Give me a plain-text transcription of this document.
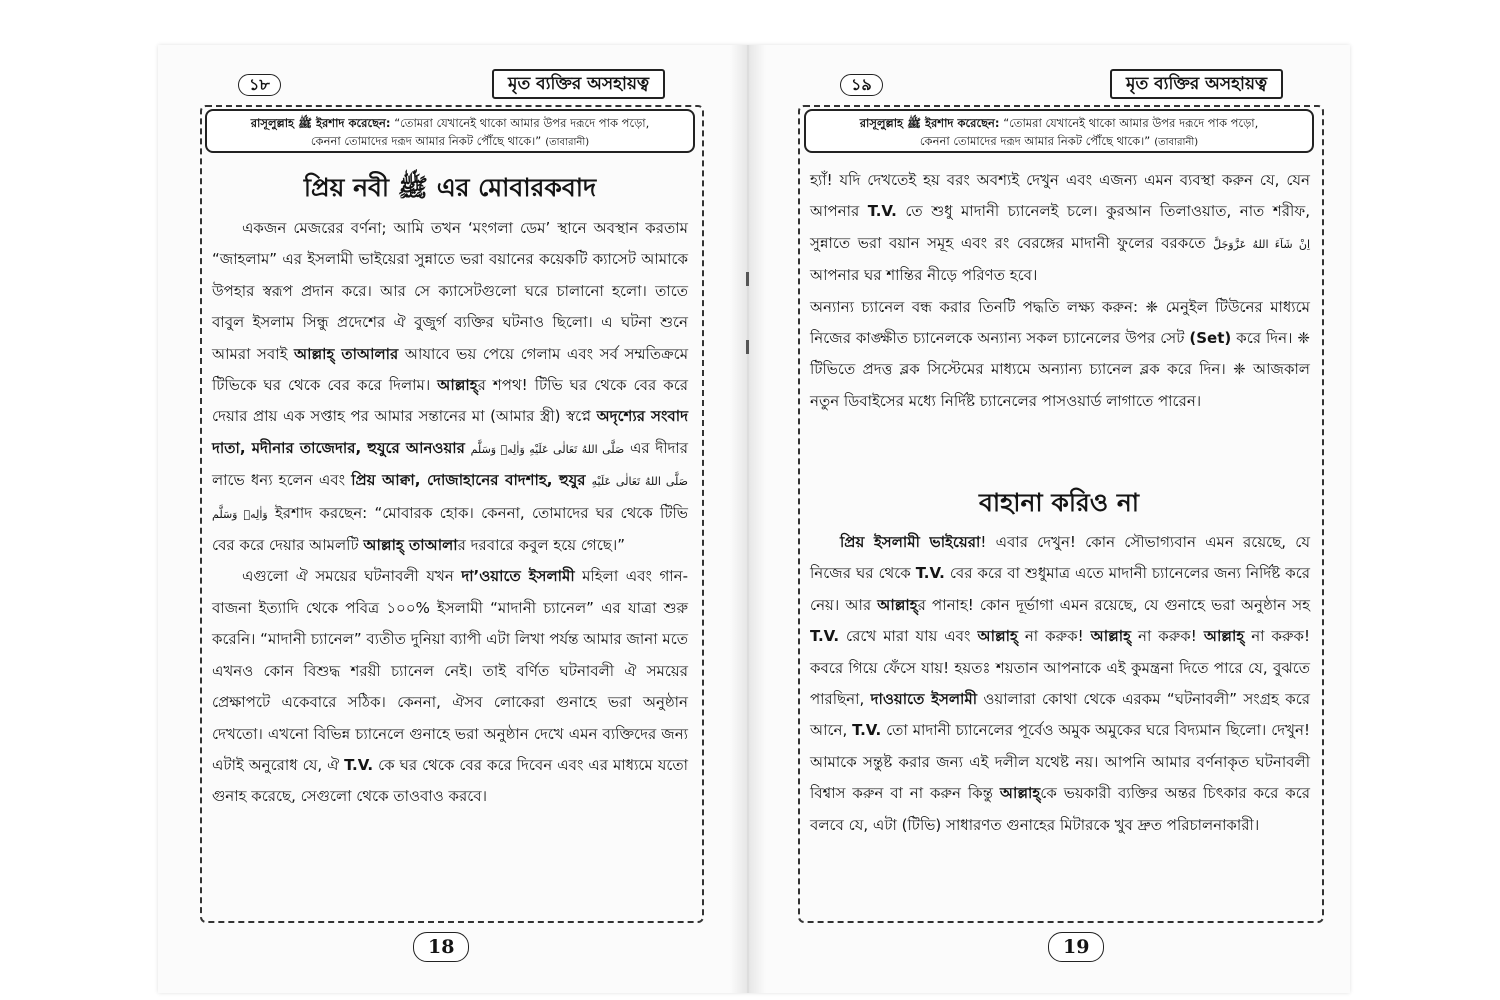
১৮	মৃত ব্যক্তির অসহায়ত্ব
রাসূলুল্লাহ ﷺ ইরশাদ করেছেন: “তোমরা যেখানেই থাকো আমার উপর দরূদে পাক পড়ো,
কেননা তোমাদের দরূদ আমার নিকট পৌঁছে থাকে।” (তাবারানী)
প্রিয় নবী ﷺ এর মোবারকবাদ

একজন মেজরের বর্ণনা; আমি তখন ‘মংগলা ডেম’ স্থানে অবস্থান করতাম “জাহলাম” এর ইসলামী ভাইয়েরা সুন্নাতে ভরা বয়ানের কয়েকটি ক্যাসেট আমাকে উপহার স্বরূপ প্রদান করে। আর সে ক্যাসেটগুলো ঘরে চালানো হলো। তাতে বাবুল ইসলাম সিন্ধু প্রদেশের ঐ বুজুর্গ ব্যক্তির ঘটনাও ছিলো। এ ঘটনা শুনে আমরা সবাই আল্লাহ্ তাআলার আযাবে ভয় পেয়ে গেলাম এবং সর্ব সম্মতিক্রমে টিভিকে ঘর থেকে বের করে দিলাম। আল্লাহ্র শপথ! টিভি ঘর থেকে বের করে দেয়ার প্রায় এক সপ্তাহ পর আমার সন্তানের মা (আমার স্ত্রী) স্বপ্নে অদৃশ্যের সংবাদ দাতা, মদীনার তাজেদার, হুযুরে আনওয়ার صَلَّی اللهُ تَعَالٰی عَلَيْهِ وَاٰلِهٖ وَسَلَّم এর দীদার লাভে ধন্য হলেন এবং প্রিয় আক্বা, দোজাহানের বাদশাহ, হুযুর صَلَّی اللهُ تَعَالٰی عَلَيْهِ وَاٰلِهٖ وَسَلَّم ইরশাদ করছেন: “মোবারক হোক। কেননা, তোমাদের ঘর থেকে টিভি বের করে দেয়ার আমলটি আল্লাহ্ তাআলার দরবারে কবুল হয়ে গেছে।”

এগুলো ঐ সময়ের ঘটনাবলী যখন দা’ওয়াতে ইসলামী মহিলা এবং গান-বাজনা ইত্যাদি থেকে পবিত্র ১০০% ইসলামী “মাদানী চ্যানেল” এর যাত্রা শুরু করেনি। “মাদানী চ্যানেল” ব্যতীত দুনিয়া ব্যাপী এটা লিখা পর্যন্ত আমার জানা মতে এখনও কোন বিশুদ্ধ শরয়ী চ্যানেল নেই। তাই বর্ণিত ঘটনাবলী ঐ সময়ের প্রেক্ষাপটে একেবারে সঠিক। কেননা, ঐসব লোকেরা গুনাহে ভরা অনুষ্ঠান দেখতো। এখনো বিভিন্ন চ্যানেলে গুনাহে ভরা অনুষ্ঠান দেখে এমন ব্যক্তিদের জন্য এটাই অনুরোধ যে, ঐ T.V. কে ঘর থেকে বের করে দিবেন এবং এর মাধ্যমে যতো গুনাহ করেছে, সেগুলো থেকে তাওবাও করবে।

18
১৯	মৃত ব্যক্তির অসহায়ত্ব
রাসূলুল্লাহ ﷺ ইরশাদ করেছেন: “তোমরা যেখানেই থাকো আমার উপর দরূদে পাক পড়ো,
কেননা তোমাদের দরূদ আমার নিকট পৌঁছে থাকে।” (তাবারানী)

হ্যাঁ! যদি দেখতেই হয় বরং অবশ্যই দেখুন এবং এজন্য এমন ব্যবস্থা করুন যে, যেন আপনার T.V. তে শুধু মাদানী চ্যানেলই চলে। কুরআন তিলাওয়াত, নাত শরীফ, সুন্নাতে ভরা বয়ান সমূহ এবং রং বেরঙ্গের মাদানী ফুলের বরকতে اِنْ شَآءَ اللهُ عَزَّوَجَلَّ আপনার ঘর শান্তির নীড়ে পরিণত হবে।

অন্যান্য চ্যানেল বন্ধ করার তিনটি পদ্ধতি লক্ষ্য করুন: ❈ মেনুইল টিউনের মাধ্যমে নিজের কাঙ্ক্ষীত চ্যানেলকে অন্যান্য সকল চ্যানেলের উপর সেট (Set) করে দিন। ❈ টিভিতে প্রদত্ত ব্লক সিস্টেমের মাধ্যমে অন্যান্য চ্যানেল ব্লক করে দিন। ❈ আজকাল নতুন ডিবাইসের মধ্যে নির্দিষ্ট চ্যানেলের পাসওয়ার্ড লাগাতে পারেন।

বাহানা করিও না

প্রিয় ইসলামী ভাইয়েরা! এবার দেখুন! কোন সৌভাগ্যবান এমন রয়েছে, যে নিজের ঘর থেকে T.V. বের করে বা শুধুমাত্র এতে মাদানী চ্যানেলের জন্য নির্দিষ্ট করে নেয়। আর আল্লাহ্র পানাহ! কোন দূর্ভাগা এমন রয়েছে, যে গুনাহে ভরা অনুষ্ঠান সহ T.V. রেখে মারা যায় এবং আল্লাহ্ না করুক! আল্লাহ্ না করুক! আল্লাহ্ না করুক! কবরে গিয়ে ফেঁসে যায়! হয়তঃ শয়তান আপনাকে এই কুমন্ত্রনা দিতে পারে যে, বুঝতে পারছিনা, দাওয়াতে ইসলামী ওয়ালারা কোথা থেকে এরকম “ঘটনাবলী” সংগ্রহ করে আনে, T.V. তো মাদানী চ্যানেলের পূর্বেও অমুক অমুকের ঘরে বিদ্যমান ছিলো। দেখুন! আমাকে সন্তুষ্ট করার জন্য এই দলীল যথেষ্ট নয়। আপনি আমার বর্ণনাকৃত ঘটনাবলী বিশ্বাস করুন বা না করুন কিন্তু আল্লাহ্কে ভয়কারী ব্যক্তির অন্তর চিৎকার করে করে বলবে যে, এটা (টিভি) সাধারণত গুনাহের মিটারকে খুব দ্রুত পরিচালনাকারী।

19
